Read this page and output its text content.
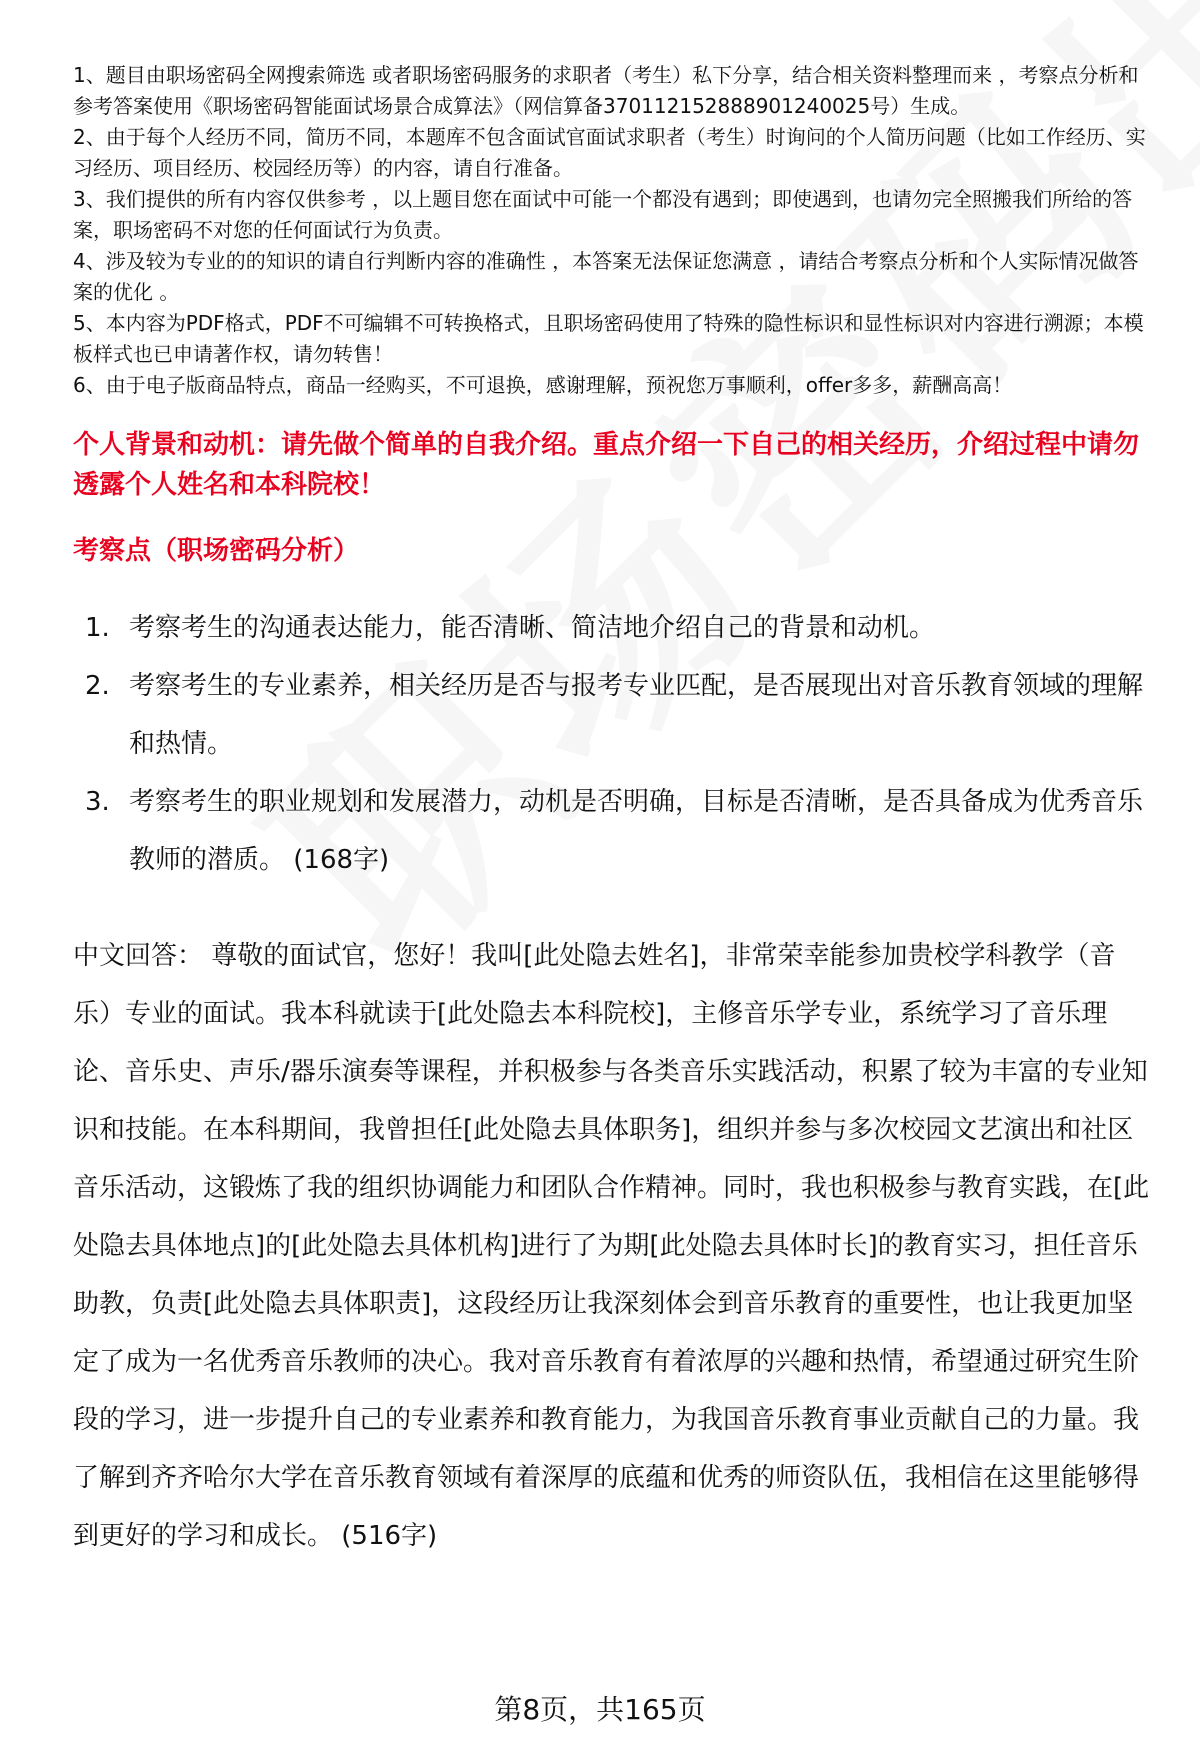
1、题目由职场密码全网搜索筛选 或者职场密码服务的求职者（考生）私下分享，结合相关资料整理而来 ，考察点分析和参考答案使用《职场密码智能面试场景合成算法》（网信算备370112152888901240025号）生成。
2、由于每个人经历不同，简历不同，本题库不包含面试官面试求职者（考生）时询问的个人简历问题（比如工作经历、实习经历、项目经历、校园经历等）的内容，请自行准备。
3、我们提供的所有内容仅供参考 ，以上题目您在面试中可能一个都没有遇到；即使遇到，也请勿完全照搬我们所给的答案，职场密码不对您的任何面试行为负责。
4、涉及较为专业的的知识的请自行判断内容的准确性 ，本答案无法保证您满意 ，请结合考察点分析和个人实际情况做答案的优化 。
5、本内容为PDF格式，PDF不可编辑不可转换格式，且职场密码使用了特殊的隐性标识和显性标识对内容进行溯源；本模板样式也已申请著作权，请勿转售！
6、由于电子版商品特点，商品一经购买，不可退换，感谢理解，预祝您万事顺利，offer多多，薪酬高高！

个人背景和动机：请先做个简单的自我介绍。重点介绍一下自己的相关经历，介绍过程中请勿透露个人姓名和本科院校！

考察点（职场密码分析）

1. 考察考生的沟通表达能力，能否清晰、简洁地介绍自己的背景和动机。
2. 考察考生的专业素养，相关经历是否与报考专业匹配，是否展现出对音乐教育领域的理解和热情。
3. 考察考生的职业规划和发展潜力，动机是否明确，目标是否清晰，是否具备成为优秀音乐教师的潜质。 (168字)

中文回答： 尊敬的面试官，您好！我叫[此处隐去姓名]，非常荣幸能参加贵校学科教学（音乐）专业的面试。我本科就读于[此处隐去本科院校]，主修音乐学专业，系统学习了音乐理论、音乐史、声乐/器乐演奏等课程，并积极参与各类音乐实践活动，积累了较为丰富的专业知识和技能。在本科期间，我曾担任[此处隐去具体职务]，组织并参与多次校园文艺演出和社区音乐活动，这锻炼了我的组织协调能力和团队合作精神。同时，我也积极参与教育实践，在[此处隐去具体地点]的[此处隐去具体机构]进行了为期[此处隐去具体时长]的教育实习，担任音乐助教，负责[此处隐去具体职责]，这段经历让我深刻体会到音乐教育的重要性，也让我更加坚定了成为一名优秀音乐教师的决心。我对音乐教育有着浓厚的兴趣和热情，希望通过研究生阶段的学习，进一步提升自己的专业素养和教育能力，为我国音乐教育事业贡献自己的力量。我了解到齐齐哈尔大学在音乐教育领域有着深厚的底蕴和优秀的师资队伍，我相信在这里能够得到更好的学习和成长。 (516字)

第8页，共165页
